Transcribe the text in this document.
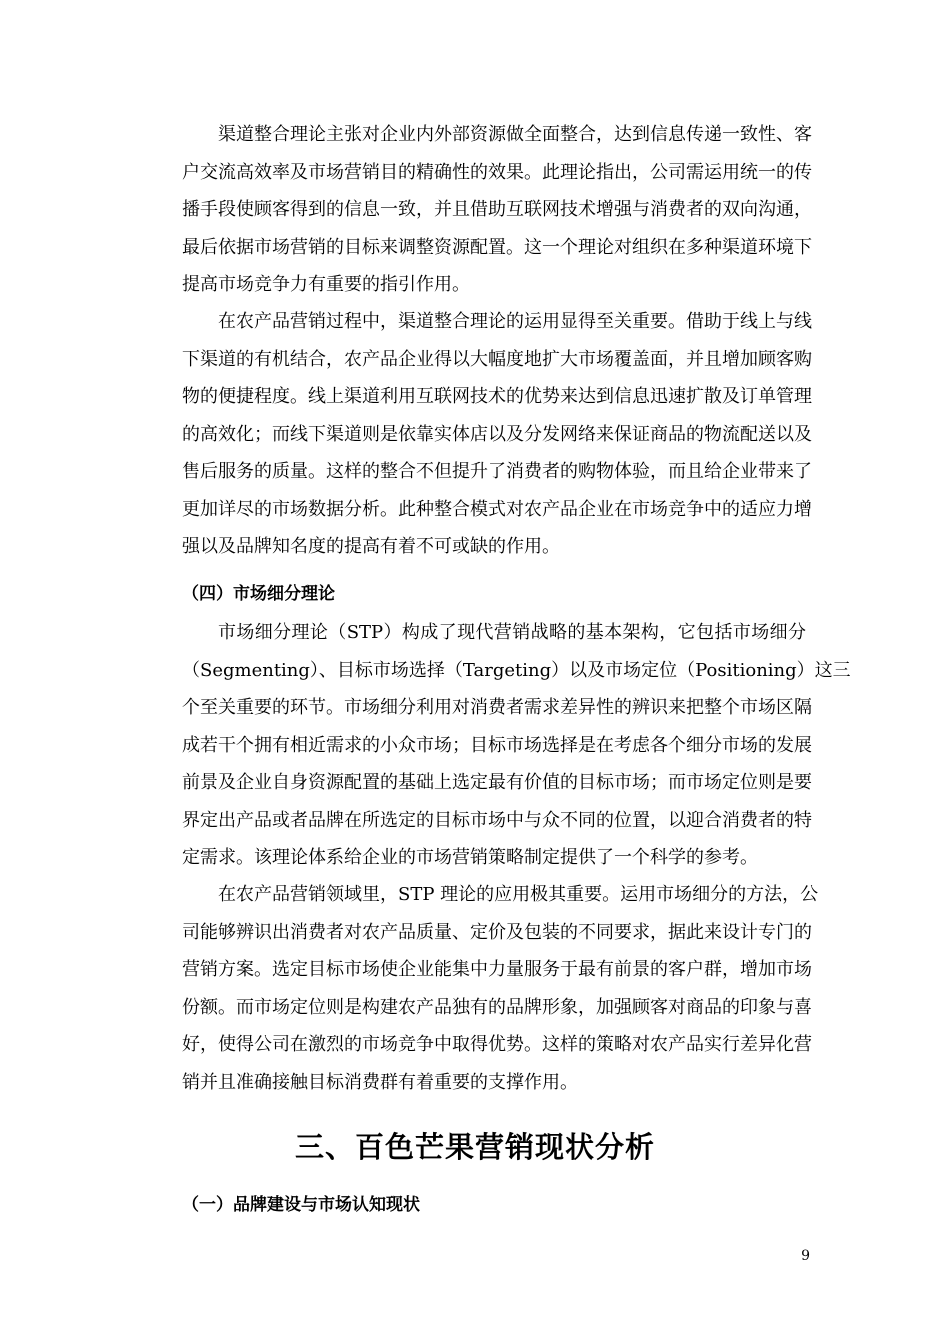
渠道整合理论主张对企业内外部资源做全面整合，达到信息传递一致性、客
户交流高效率及市场营销目的精确性的效果。此理论指出，公司需运用统一的传
播手段使顾客得到的信息一致，并且借助互联网技术增强与消费者的双向沟通，
最后依据市场营销的目标来调整资源配置。这一个理论对组织在多种渠道环境下
提高市场竞争力有重要的指引作用。
在农产品营销过程中，渠道整合理论的运用显得至关重要。借助于线上与线
下渠道的有机结合，农产品企业得以大幅度地扩大市场覆盖面，并且增加顾客购
物的便捷程度。线上渠道利用互联网技术的优势来达到信息迅速扩散及订单管理
的高效化；而线下渠道则是依靠实体店以及分发网络来保证商品的物流配送以及
售后服务的质量。这样的整合不但提升了消费者的购物体验，而且给企业带来了
更加详尽的市场数据分析。此种整合模式对农产品企业在市场竞争中的适应力增
强以及品牌知名度的提高有着不可或缺的作用。
（四）市场细分理论
市场细分理论（STP）构成了现代营销战略的基本架构，它包括市场细分
（Segmenting）、目标市场选择（Targeting）以及市场定位（Positioning）这三
个至关重要的环节。市场细分利用对消费者需求差异性的辨识来把整个市场区隔
成若干个拥有相近需求的小众市场；目标市场选择是在考虑各个细分市场的发展
前景及企业自身资源配置的基础上选定最有价值的目标市场；而市场定位则是要
界定出产品或者品牌在所选定的目标市场中与众不同的位置，以迎合消费者的特
定需求。该理论体系给企业的市场营销策略制定提供了一个科学的参考。
在农产品营销领域里，STP 理论的应用极其重要。运用市场细分的方法，公
司能够辨识出消费者对农产品质量、定价及包装的不同要求，据此来设计专门的
营销方案。选定目标市场使企业能集中力量服务于最有前景的客户群，增加市场
份额。而市场定位则是构建农产品独有的品牌形象，加强顾客对商品的印象与喜
好，使得公司在激烈的市场竞争中取得优势。这样的策略对农产品实行差异化营
销并且准确接触目标消费群有着重要的支撑作用。
三、百色芒果营销现状分析
（一）品牌建设与市场认知现状
9
